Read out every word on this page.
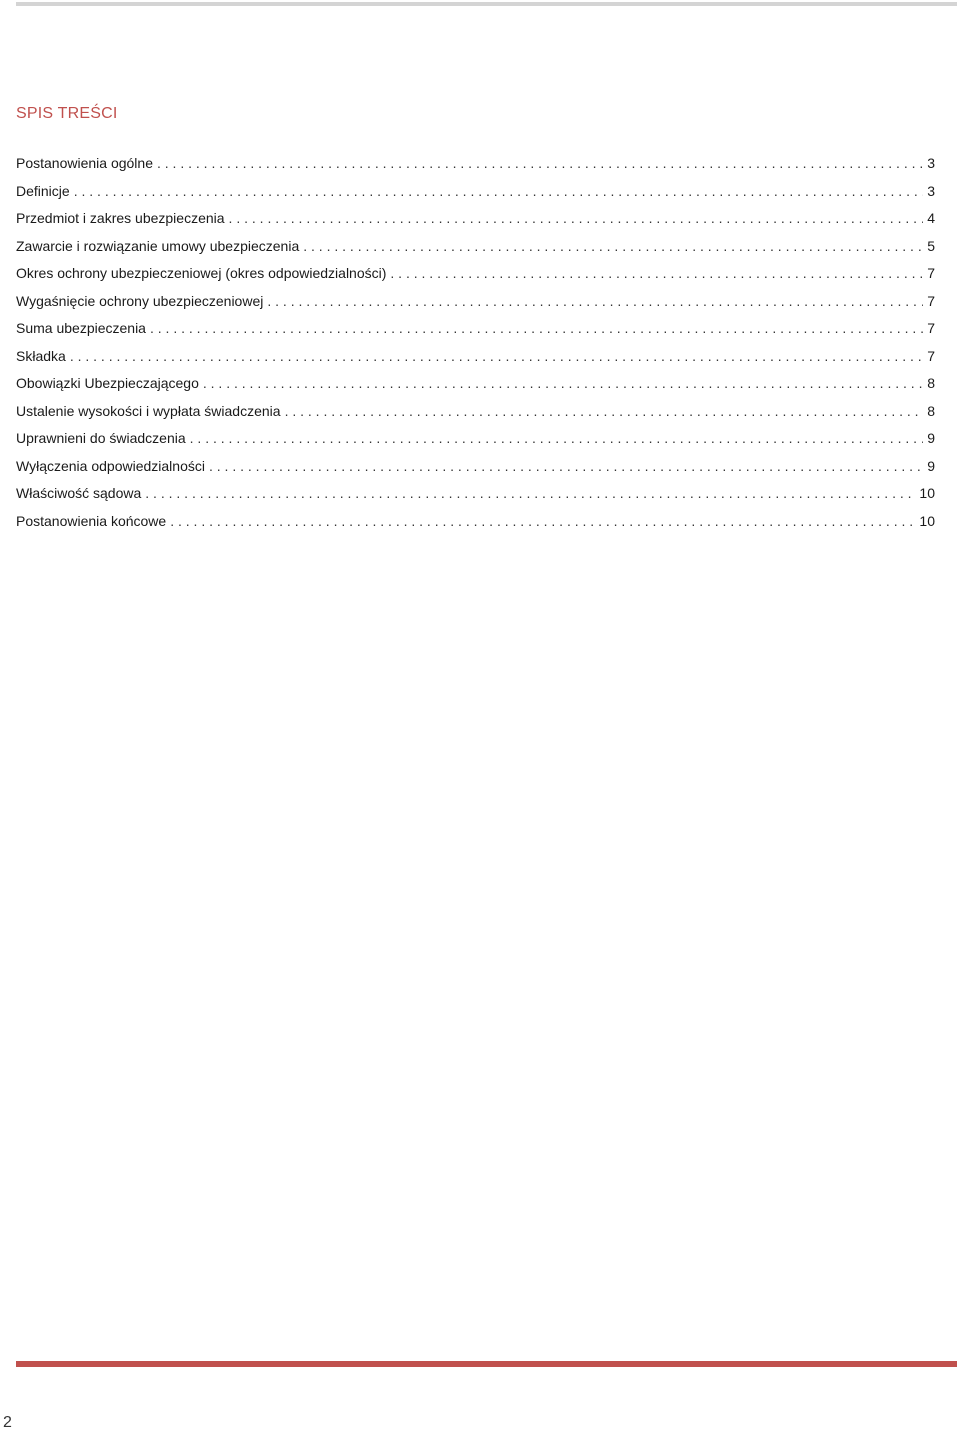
SPIS TREŚCI
Postanowienia ogólne . . .	3
Definicje . . .	3
Przedmiot i zakres ubezpieczenia . . .	4
Zawarcie i rozwiązanie umowy ubezpieczenia . . .	5
Okres ochrony ubezpieczeniowej (okres odpowiedzialności) . . .	7
Wygaśnięcie ochrony ubezpieczeniowej . . .	7
Suma ubezpieczenia . . .	7
Składka . . .	7
Obowiązki Ubezpieczającego . . .	8
Ustalenie wysokości i wypłata świadczenia . . .	8
Uprawnieni do świadczenia . . .	9
Wyłączenia odpowiedzialności . . .	9
Właściwość sądowa . . .	10
Postanowienia końcowe . . .	10
2
